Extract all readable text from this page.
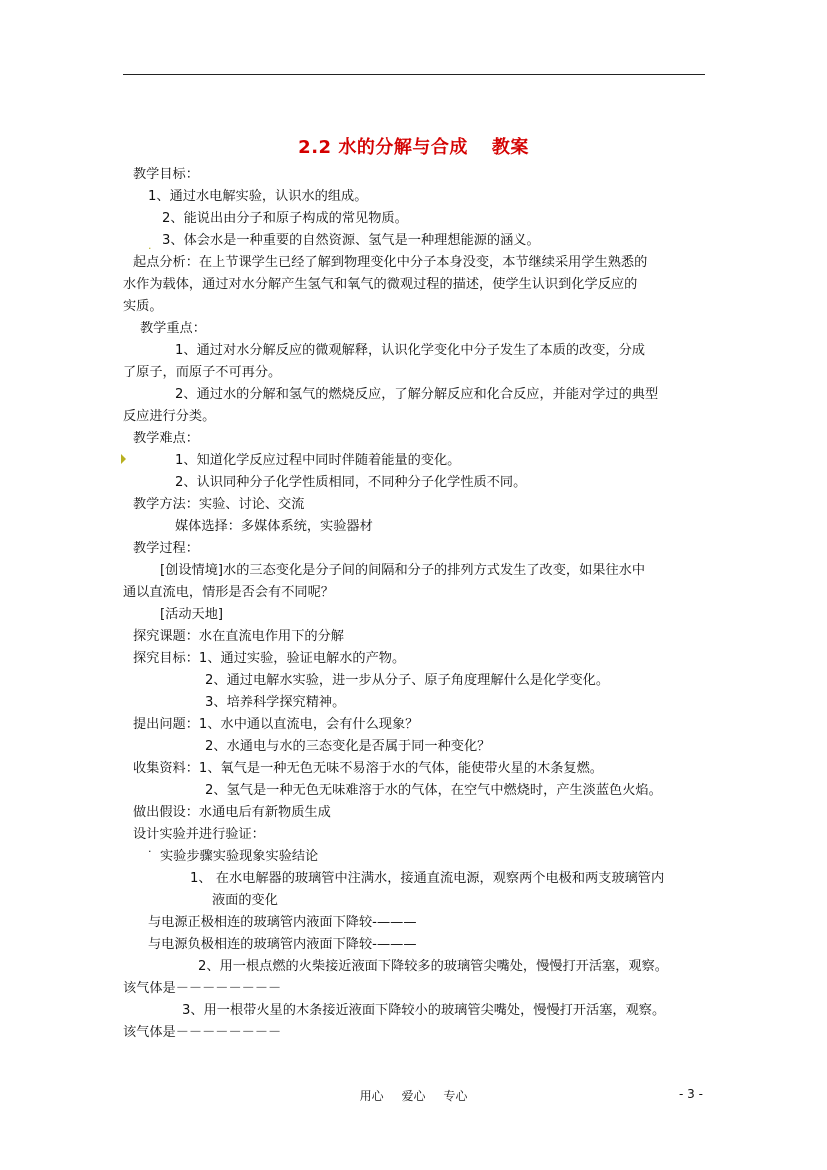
2.2 水的分解与合成 教案
.
.
教学目标：
1、通过水电解实验，认识水的组成。
2、能说出由分子和原子构成的常见物质。
3、体会水是一种重要的自然资源、氢气是一种理想能源的涵义。
起点分析：在上节课学生已经了解到物理变化中分子本身没变，本节继续采用学生熟悉的
水作为载体，通过对水分解产生氢气和氧气的微观过程的描述，使学生认识到化学反应的
实质。
教学重点：
1、通过对水分解反应的微观解释，认识化学变化中分子发生了本质的改变，分成
了原子，而原子不可再分。
2、通过水的分解和氢气的燃烧反应，了解分解反应和化合反应，并能对学过的典型
反应进行分类。
教学难点：
1、知道化学反应过程中同时伴随着能量的变化。
2、认识同种分子化学性质相同，不同种分子化学性质不同。
教学方法：实验、讨论、交流
媒体选择：多媒体系统，实验器材
教学过程：
[创设情境]水的三态变化是分子间的间隔和分子的排列方式发生了改变，如果往水中
通以直流电，情形是否会有不同呢？
[活动天地]
探究课题：水在直流电作用下的分解
探究目标：1、通过实验，验证电解水的产物。
2、通过电解水实验，进一步从分子、原子角度理解什么是化学变化。
3、培养科学探究精神。
提出问题：1、水中通以直流电，会有什么现象？
2、水通电与水的三态变化是否属于同一种变化？
收集资料：1、氧气是一种无色无味不易溶于水的气体，能使带火星的木条复燃。
2、氢气是一种无色无味难溶于水的气体，在空气中燃烧时，产生淡蓝色火焰。
做出假设：水通电后有新物质生成
设计实验并进行验证：
实验步骤实验现象实验结论
1、 在水电解器的玻璃管中注满水，接通直流电源，观察两个电极和两支玻璃管内
液面的变化
与电源正极相连的玻璃管内液面下降较-———
与电源负极相连的玻璃管内液面下降较-———
2、用一根点燃的火柴接近液面下降较多的玻璃管尖嘴处，慢慢打开活塞，观察。
该气体是－－－－－－－－
3、用一根带火星的木条接近液面下降较小的玻璃管尖嘴处，慢慢打开活塞，观察。
该气体是－－－－－－－－
用心 爱心 专心	- 3 -
